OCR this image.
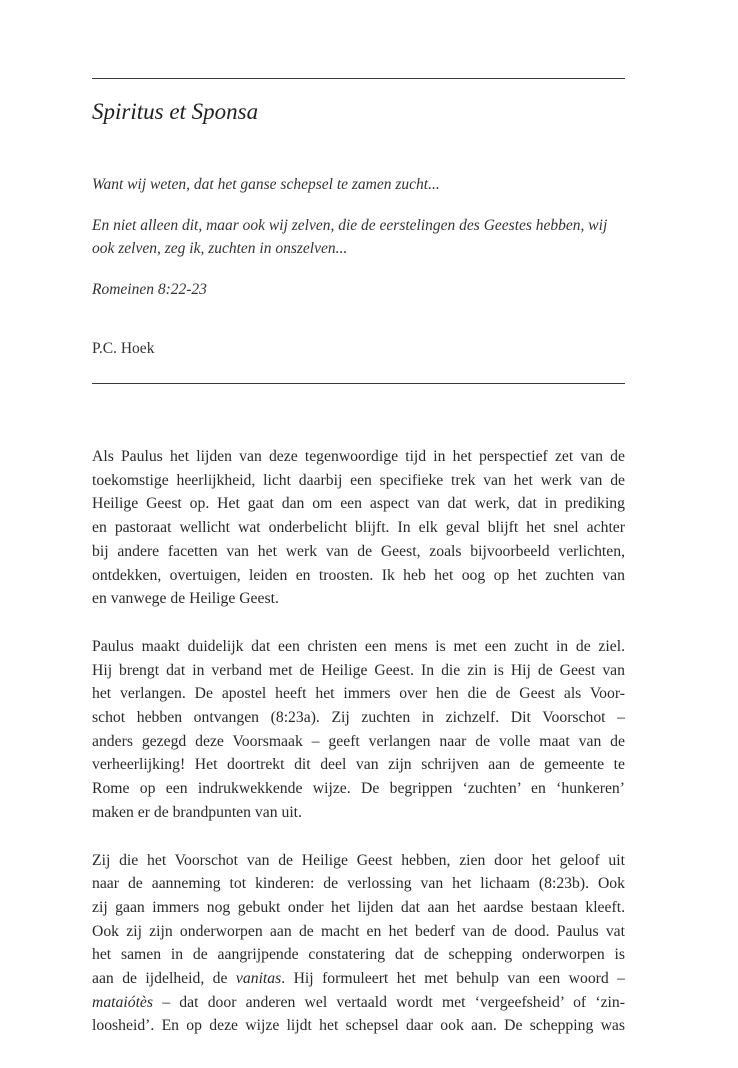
Spiritus et Sponsa

Want wij weten, dat het ganse schepsel te zamen zucht...

En niet alleen dit, maar ook wij zelven, die de eerstelingen des Geestes hebben, wij ook zelven, zeg ik, zuchten in onszelven...

Romeinen 8:22-23

P.C. Hoek

Als Paulus het lijden van deze tegenwoordige tijd in het perspectief zet van de
toekomstige heerlijkheid, licht daarbij een specifieke trek van het werk van de
Heilige Geest op. Het gaat dan om een aspect van dat werk, dat in prediking
en pastoraat wellicht wat onderbelicht blijft. In elk geval blijft het snel achter
bij andere facetten van het werk van de Geest, zoals bijvoorbeeld verlichten,
ontdekken, overtuigen, leiden en troosten. Ik heb het oog op het zuchten van
en vanwege de Heilige Geest.

Paulus maakt duidelijk dat een christen een mens is met een zucht in de ziel.
Hij brengt dat in verband met de Heilige Geest. In die zin is Hij de Geest van
het verlangen. De apostel heeft het immers over hen die de Geest als Voor-
schot hebben ontvangen (8:23a). Zij zuchten in zichzelf. Dit Voorschot –
anders gezegd deze Voorsmaak – geeft verlangen naar de volle maat van de
verheerlijking! Het doortrekt dit deel van zijn schrijven aan de gemeente te
Rome op een indrukwekkende wijze. De begrippen ‘zuchten’ en ‘hunkeren’
maken er de brandpunten van uit.

Zij die het Voorschot van de Heilige Geest hebben, zien door het geloof uit
naar de aanneming tot kinderen: de verlossing van het lichaam (8:23b). Ook
zij gaan immers nog gebukt onder het lijden dat aan het aardse bestaan kleeft.
Ook zij zijn onderworpen aan de macht en het bederf van de dood. Paulus vat
het samen in de aangrijpende constatering dat de schepping onderworpen is
aan de ijdelheid, de vanitas. Hij formuleert het met behulp van een woord –
mataiótès – dat door anderen wel vertaald wordt met ‘vergeefsheid’ of ‘zin-
loosheid’. En op deze wijze lijdt het schepsel daar ook aan. De schepping was
